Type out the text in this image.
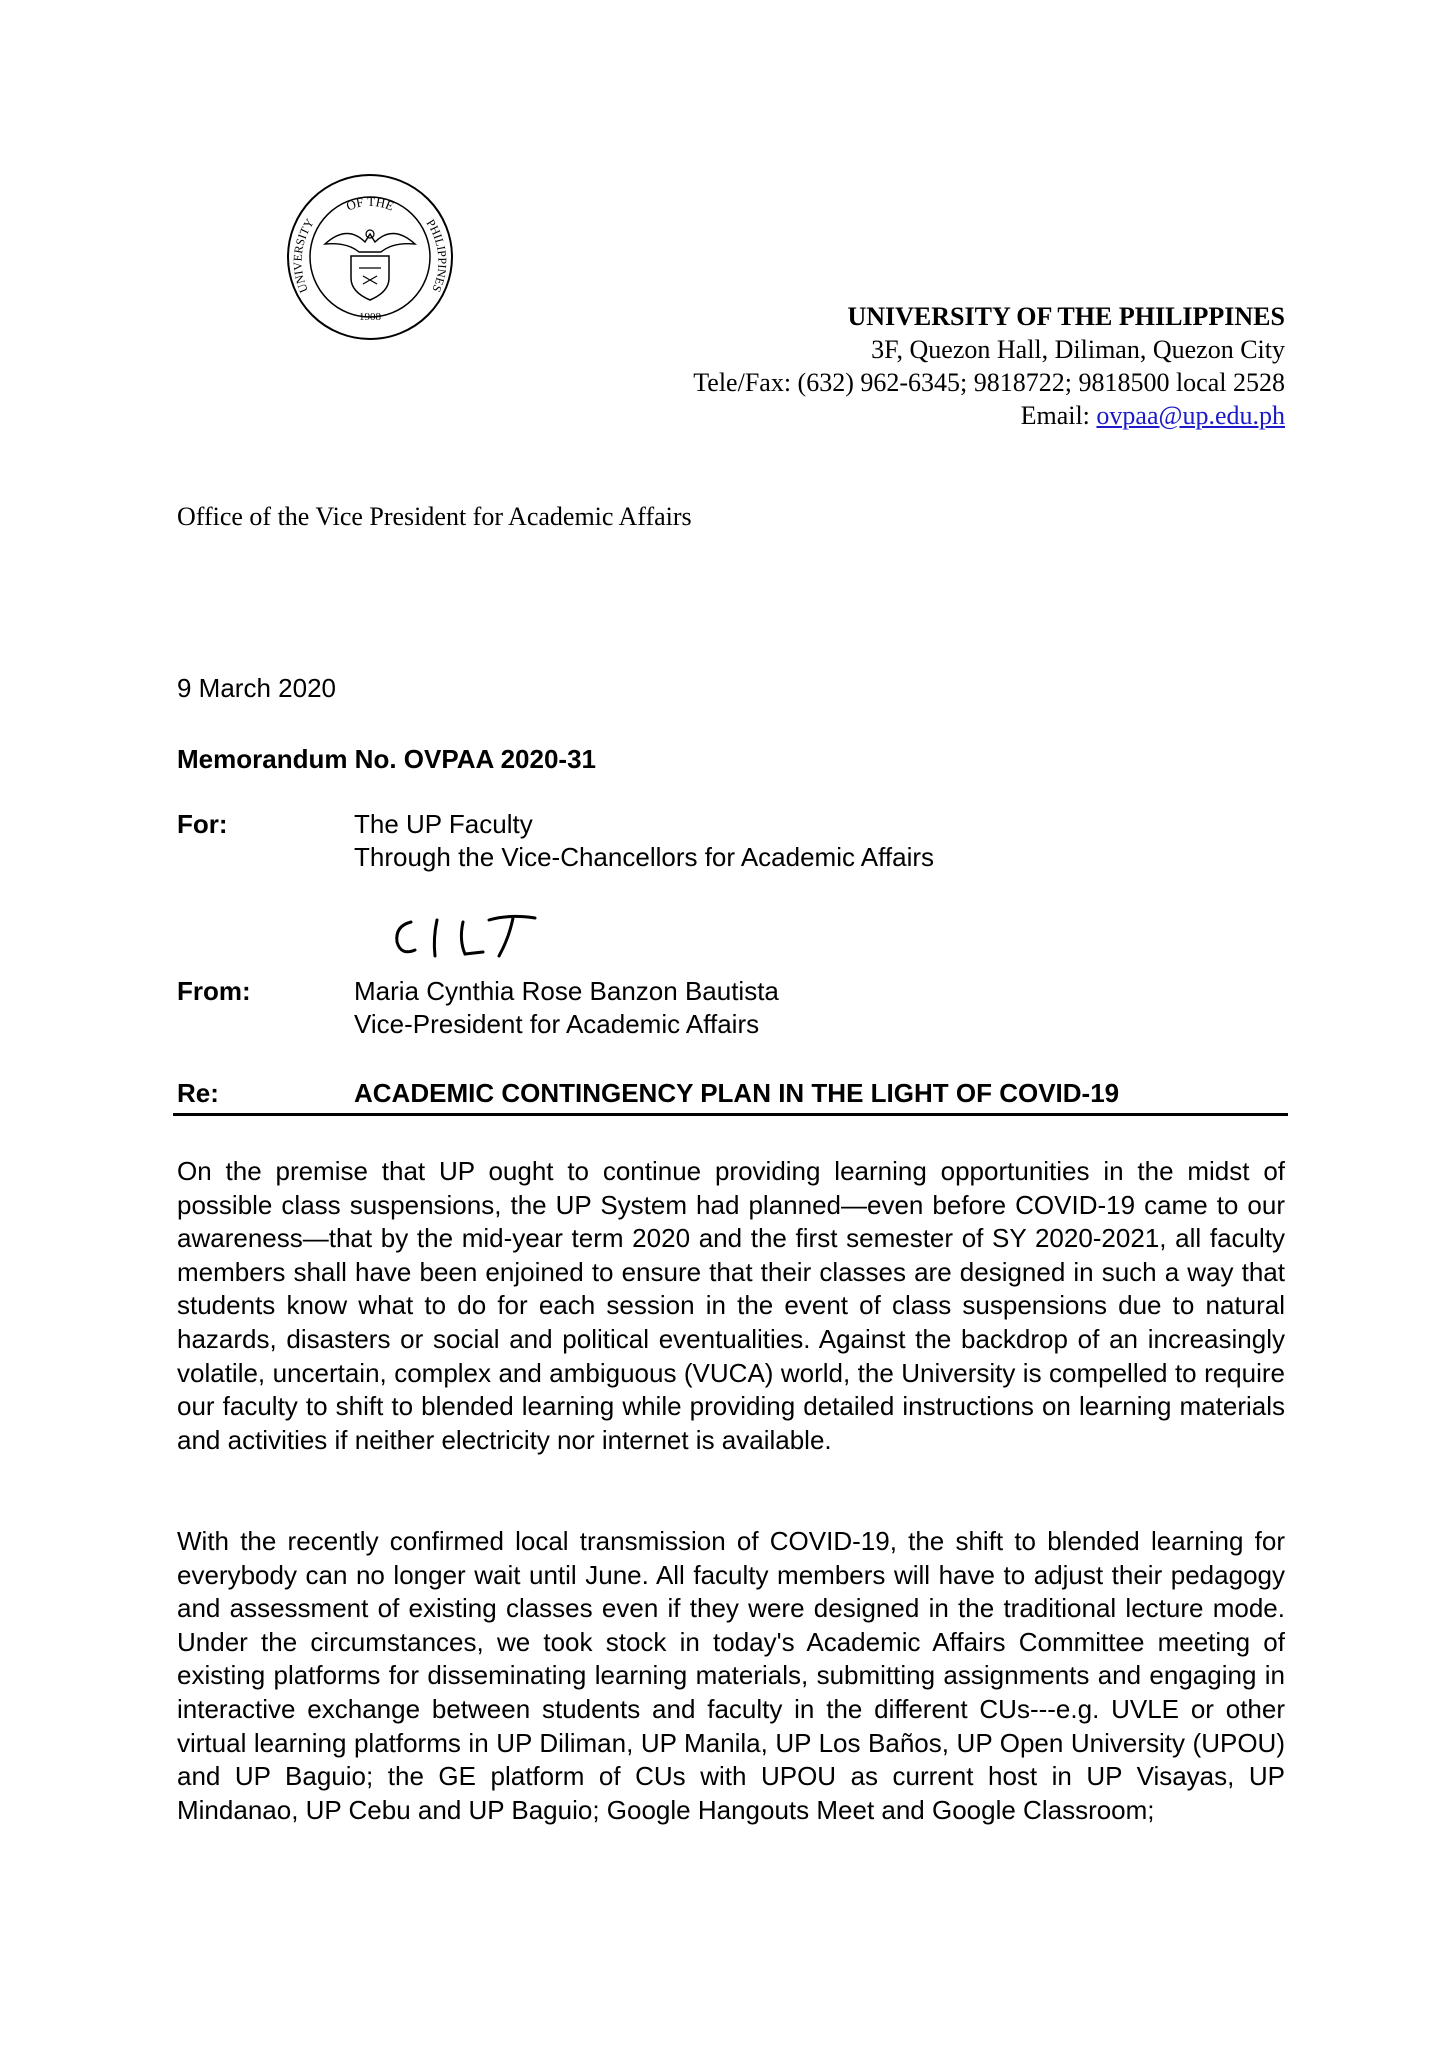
OF THE
UNIVERSITY	PHILIPPINES
1908	UNIVERSITY OF THE PHILIPPINES
3F, Quezon Hall, Diliman, Quezon City
Tele/Fax: (632) 962-6345; 9818722; 9818500 local 2528
Email: ovpaa@up.edu.ph
Office of the Vice President for Academic Affairs
9 March 2020
Memorandum No. OVPAA 2020-31
For:	The UP Faculty
Through the Vice-Chancellors for Academic Affairs
From:	Maria Cynthia Rose Banzon Bautista
Vice-President for Academic Affairs
Re:	ACADEMIC CONTINGENCY PLAN IN THE LIGHT OF COVID-19

On the premise that UP ought to continue providing learning opportunities in the midst of possible class suspensions, the UP System had planned—even before COVID-19 came to our awareness—that by the mid-year term 2020 and the first semester of SY 2020-2021, all faculty members shall have been enjoined to ensure that their classes are designed in such a way that students know what to do for each session in the event of class suspensions due to natural hazards, disasters or social and political eventualities. Against the backdrop of an increasingly volatile, uncertain, complex and ambiguous (VUCA) world, the University is compelled to require our faculty to shift to blended learning while providing detailed instructions on learning materials and activities if neither electricity nor internet is available.

With the recently confirmed local transmission of COVID-19, the shift to blended learning for everybody can no longer wait until June. All faculty members will have to adjust their pedagogy and assessment of existing classes even if they were designed in the traditional lecture mode. Under the circumstances, we took stock in today's Academic Affairs Committee meeting of existing platforms for disseminating learning materials, submitting assignments and engaging in interactive exchange between students and faculty in the different CUs---e.g. UVLE or other virtual learning platforms in UP Diliman, UP Manila, UP Los Baños, UP Open University (UPOU) and UP Baguio; the GE platform of CUs with UPOU as current host in UP Visayas, UP Mindanao, UP Cebu and UP Baguio; Google Hangouts Meet and Google Classroom;
